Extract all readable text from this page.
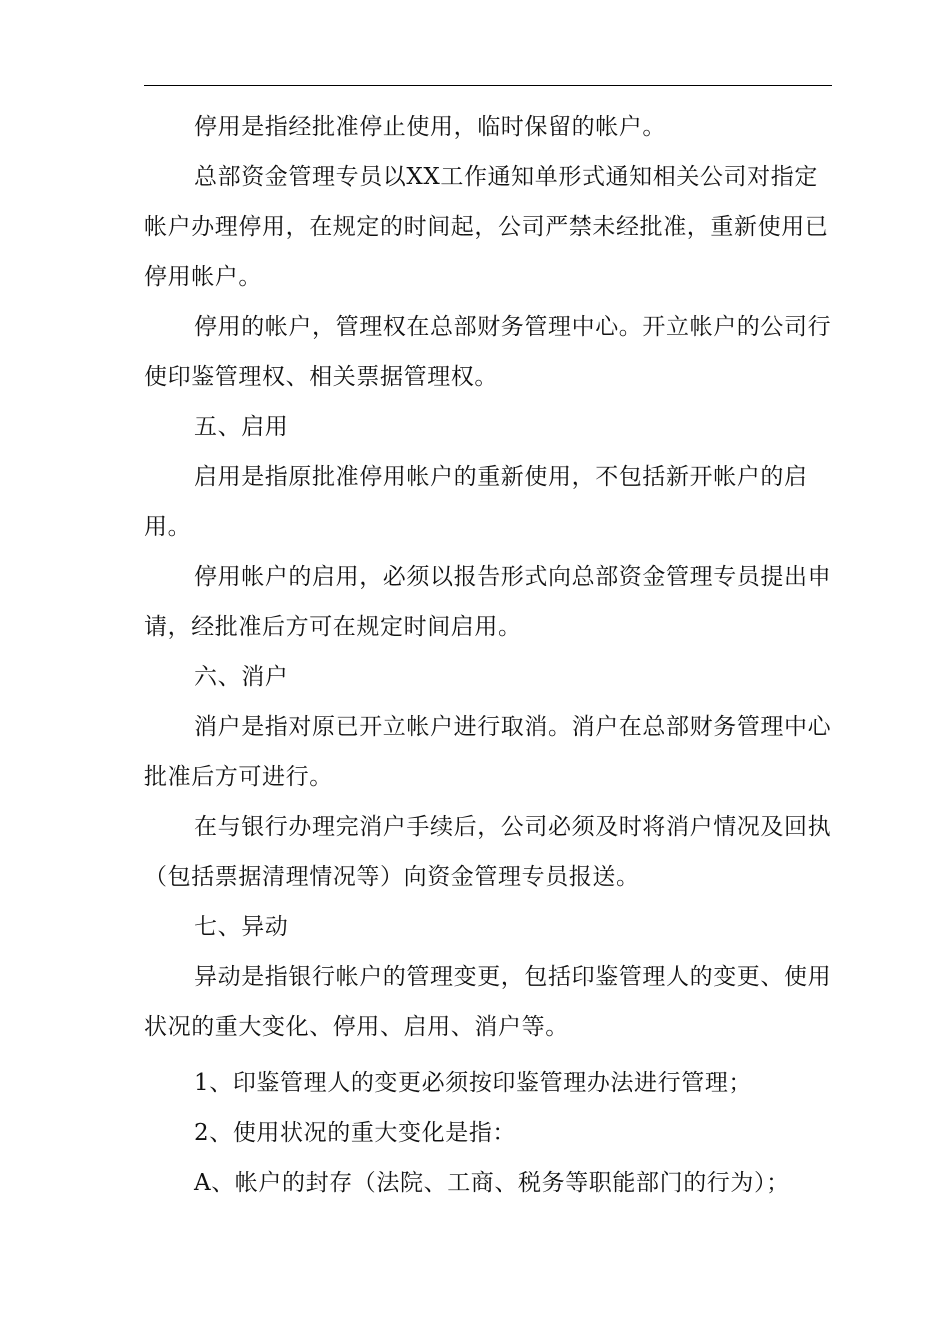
停用是指经批准停止使用，临时保留的帐户。

总部资金管理专员以XX工作通知单形式通知相关公司对指定帐户办理停用，在规定的时间起，公司严禁未经批准，重新使用已停用帐户。

停用的帐户，管理权在总部财务管理中心。开立帐户的公司行使印鉴管理权、相关票据管理权。

五、启用

启用是指原批准停用帐户的重新使用，不包括新开帐户的启用。

停用帐户的启用，必须以报告形式向总部资金管理专员提出申请，经批准后方可在规定时间启用。

六、消户

消户是指对原已开立帐户进行取消。消户在总部财务管理中心批准后方可进行。

在与银行办理完消户手续后，公司必须及时将消户情况及回执（包括票据清理情况等）向资金管理专员报送。

七、异动

异动是指银行帐户的管理变更，包括印鉴管理人的变更、使用状况的重大变化、停用、启用、消户等。

1、印鉴管理人的变更必须按印鉴管理办法进行管理；

2、使用状况的重大变化是指：

A、帐户的封存（法院、工商、税务等职能部门的行为）；
